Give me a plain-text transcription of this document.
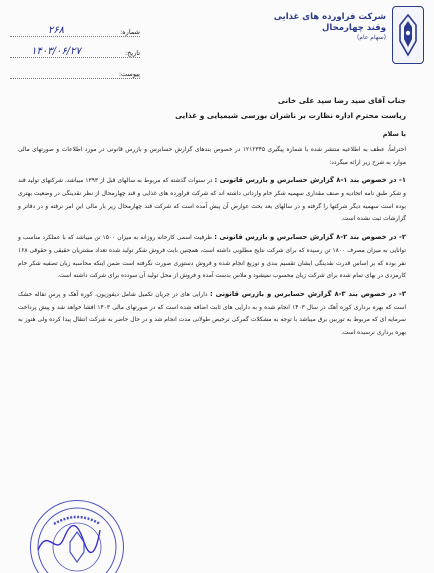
شرکت فراورده های غذایی وقند چهارمحال
(سهام عام)
شماره:
۲۶۸
تاریخ:
۱۴۰۳/۰۶/۲۷
پیوست:

جناب آقای سید رضا سید علی خانی

ریاست محترم اداره نظارت بر ناشران بورسی شیمیایی و غذایی

با سلام

احتراماً، عطف به اطلاعیه منتشر شده با شماره پیگیری ۱۲۱۲۳۴۵ در خصوص بندهای گزارش حسابرس و بازرس قانونی در مورد اطلاعات و صورتهای مالی موارد به شرح زیر ارائه میگردد:

۱- در خصوص بند ۱-۸ گزارش حسابرس و بازرس قانونی : در سنوات گذشته که مربوط به سالهای قبل از ۱۳۹۳ میباشد، شرکتهای تولید قند و شکر طبق نامه اتحادیه و صنف مقداری سهمیه شکر خام وارداتی داشته اند که شرکت فراورده های غذایی و قند چهارمحال از نظر نقدینگی در وضعیت بهتری بوده است سهمیه دیگر شرکتها را گرفته و در سالهای بعد بحث عوارض آن پیش آمده است که شرکت قند چهارمحال زیر بار مالی این امر نرفته و در دفاتر و گزارشات ثبت نشده است.

۲- در خصوص بند ۲-۸ گزارش حسابرس و بازرس قانونی : ظرفیت اسمی کارخانه روزانه به میزان ۱۵۰۰ تن میباشد که با عملکرد مناسب و توانایی به میزان مصرف ۱۸۰۰ تن رسیده که برای شرکت نتایج مطلوبی داشته است، همچنین بابت فروش شکر تولید شده تعداد مشتریان حقیقی و حقوقی ۱۶۸ نفر بوده که بر اساس قدرت نقدینگی ایشان تقسیم بندی و توزیع انجام شده و فروش دستوری صورت نگرفته است ضمن اینکه محاسبه زیان تصفیه شکر خام کارمزدی در بهای تمام شده برای شرکت زیان محسوب نمیشود و ملاس بدست آمده و فروش از محل تولید آن سودده برای شرکت داشته است.

۳- در خصوص بند ۳-۸ گزارش حسابرس و بازرس قانونی : دارایی های در جریان تکمیل شامل دیفوزیون، کوره آهک و پرس تفاله خشک است که بهره برداری کوره آهک در سال ۱۴۰۳ انجام شده و به دارایی های ثابت اضافه شده است که در صورتهای مالی ۱۴۰۳ افشا خواهد شد و پیش پرداخت سرمایه ای که مربوط به توربین برق میباشد با توجه به مشکلات گمرکی ترخیص طولانی مدت انجام شد و در حال حاضر به شرکت انتقال پیدا کرده ولی هنوز به بهره برداری نرسیده است.
